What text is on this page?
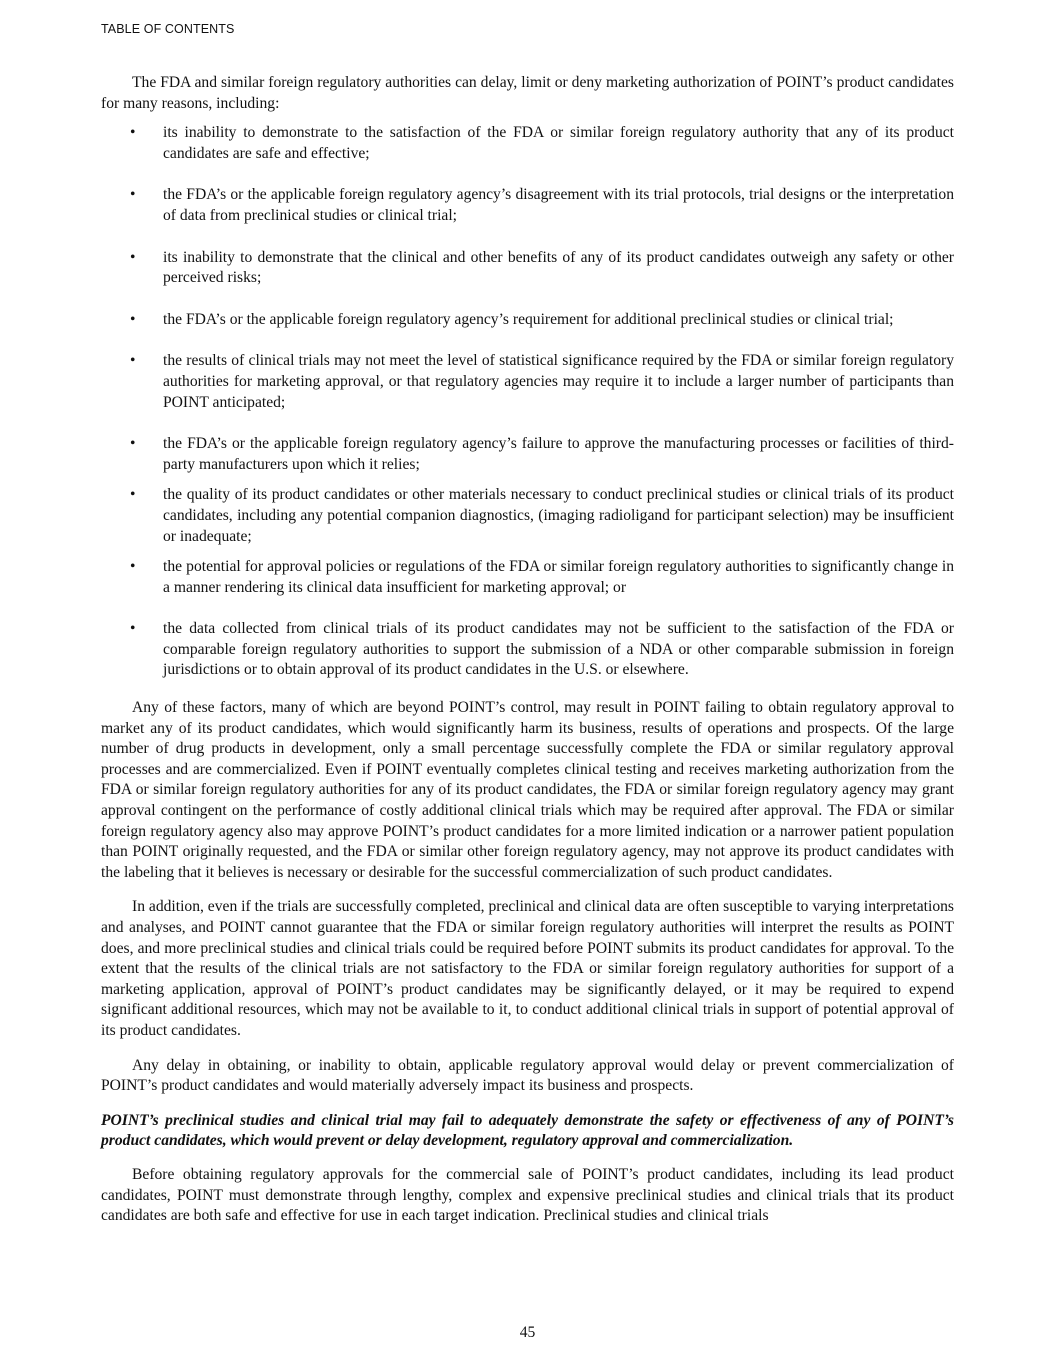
TABLE OF CONTENTS

The FDA and similar foreign regulatory authorities can delay, limit or deny marketing authorization of POINT’s product candidates for many reasons, including:

• its inability to demonstrate to the satisfaction of the FDA or similar foreign regulatory authority that any of its product candidates are safe and effective;
• the FDA’s or the applicable foreign regulatory agency’s disagreement with its trial protocols, trial designs or the interpretation of data from preclinical studies or clinical trial;
• its inability to demonstrate that the clinical and other benefits of any of its product candidates outweigh any safety or other perceived risks;
• the FDA’s or the applicable foreign regulatory agency’s requirement for additional preclinical studies or clinical trial;
• the results of clinical trials may not meet the level of statistical significance required by the FDA or similar foreign regulatory authorities for marketing approval, or that regulatory agencies may require it to include a larger number of participants than POINT anticipated;
• the FDA’s or the applicable foreign regulatory agency’s failure to approve the manufacturing processes or facilities of third-party manufacturers upon which it relies;
• the quality of its product candidates or other materials necessary to conduct preclinical studies or clinical trials of its product candidates, including any potential companion diagnostics, (imaging radioligand for participant selection) may be insufficient or inadequate;
• the potential for approval policies or regulations of the FDA or similar foreign regulatory authorities to significantly change in a manner rendering its clinical data insufficient for marketing approval; or
• the data collected from clinical trials of its product candidates may not be sufficient to the satisfaction of the FDA or comparable foreign regulatory authorities to support the submission of a NDA or other comparable submission in foreign jurisdictions or to obtain approval of its product candidates in the U.S. or elsewhere.

Any of these factors, many of which are beyond POINT’s control, may result in POINT failing to obtain regulatory approval to market any of its product candidates, which would significantly harm its business, results of operations and prospects. Of the large number of drug products in development, only a small percentage successfully complete the FDA or similar regulatory approval processes and are commercialized. Even if POINT eventually completes clinical testing and receives marketing authorization from the FDA or similar foreign regulatory authorities for any of its product candidates, the FDA or similar foreign regulatory agency may grant approval contingent on the performance of costly additional clinical trials which may be required after approval. The FDA or similar foreign regulatory agency also may approve POINT’s product candidates for a more limited indication or a narrower patient population than POINT originally requested, and the FDA or similar other foreign regulatory agency, may not approve its product candidates with the labeling that it believes is necessary or desirable for the successful commercialization of such product candidates.

In addition, even if the trials are successfully completed, preclinical and clinical data are often susceptible to varying interpretations and analyses, and POINT cannot guarantee that the FDA or similar foreign regulatory authorities will interpret the results as POINT does, and more preclinical studies and clinical trials could be required before POINT submits its product candidates for approval. To the extent that the results of the clinical trials are not satisfactory to the FDA or similar foreign regulatory authorities for support of a marketing application, approval of POINT’s product candidates may be significantly delayed, or it may be required to expend significant additional resources, which may not be available to it, to conduct additional clinical trials in support of potential approval of its product candidates.

Any delay in obtaining, or inability to obtain, applicable regulatory approval would delay or prevent commercialization of POINT’s product candidates and would materially adversely impact its business and prospects.

POINT’s preclinical studies and clinical trial may fail to adequately demonstrate the safety or effectiveness of any of POINT’s product candidates, which would prevent or delay development, regulatory approval and commercialization.

Before obtaining regulatory approvals for the commercial sale of POINT’s product candidates, including its lead product candidates, POINT must demonstrate through lengthy, complex and expensive preclinical studies and clinical trials that its product candidates are both safe and effective for use in each target indication. Preclinical studies and clinical trials

45
